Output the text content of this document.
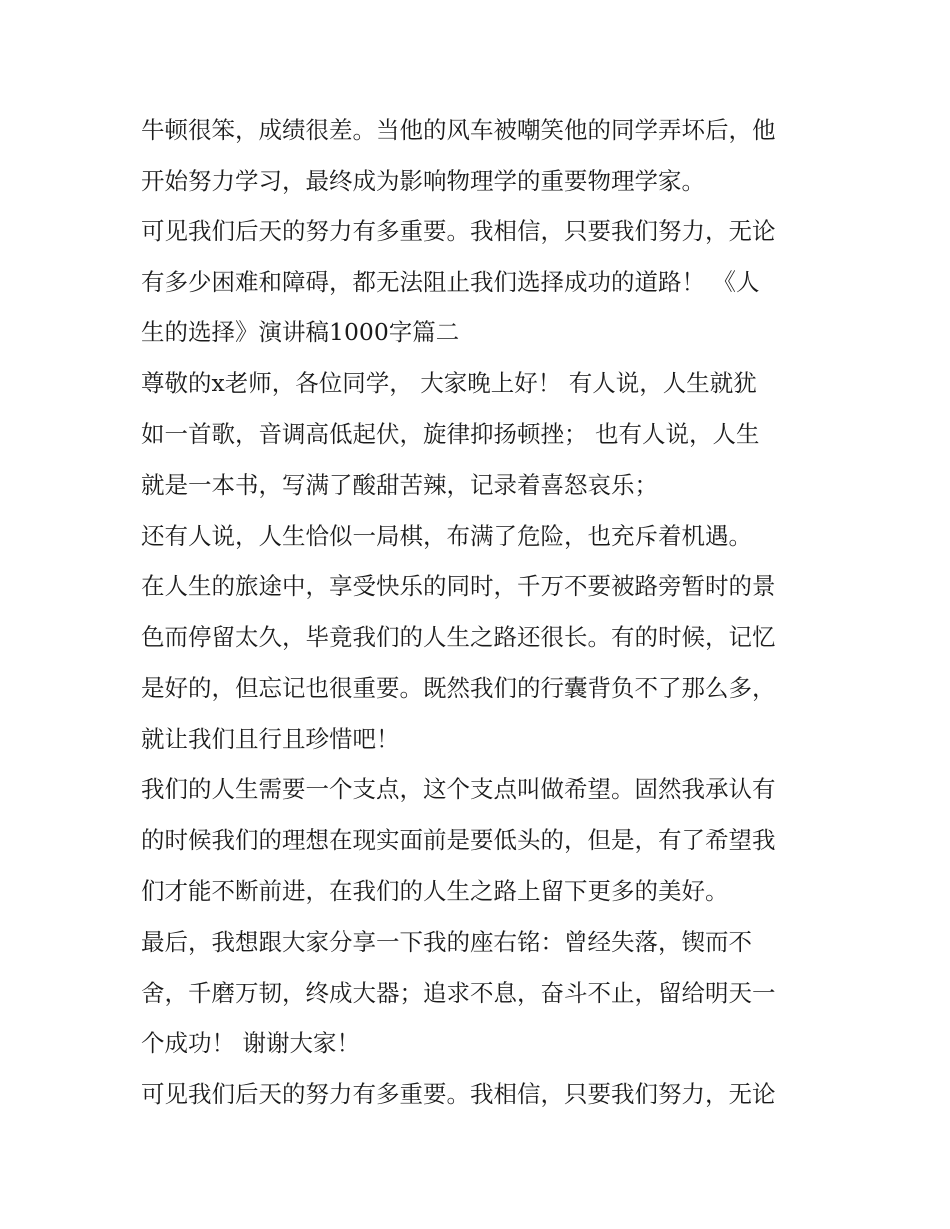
牛顿很笨，成绩很差。当他的风车被嘲笑他的同学弄坏后，他
开始努力学习，最终成为影响物理学的重要物理学家。
可见我们后天的努力有多重要。我相信，只要我们努力，无论
有多少困难和障碍，都无法阻止我们选择成功的道路！ 《人
生的选择》演讲稿1000字篇二
尊敬的x老师，各位同学， 大家晚上好！ 有人说，人生就犹
如一首歌，音调高低起伏，旋律抑扬顿挫； 也有人说，人生
就是一本书，写满了酸甜苦辣，记录着喜怒哀乐；
还有人说，人生恰似一局棋，布满了危险，也充斥着机遇。
在人生的旅途中，享受快乐的同时，千万不要被路旁暂时的景
色而停留太久，毕竟我们的人生之路还很长。有的时候，记忆
是好的，但忘记也很重要。既然我们的行囊背负不了那么多，
就让我们且行且珍惜吧！
我们的人生需要一个支点，这个支点叫做希望。固然我承认有
的时候我们的理想在现实面前是要低头的，但是，有了希望我
们才能不断前进，在我们的人生之路上留下更多的美好。
最后，我想跟大家分享一下我的座右铭：曾经失落，锲而不
舍，千磨万韧，终成大器；追求不息，奋斗不止，留给明天一
个成功！ 谢谢大家！
可见我们后天的努力有多重要。我相信，只要我们努力，无论
